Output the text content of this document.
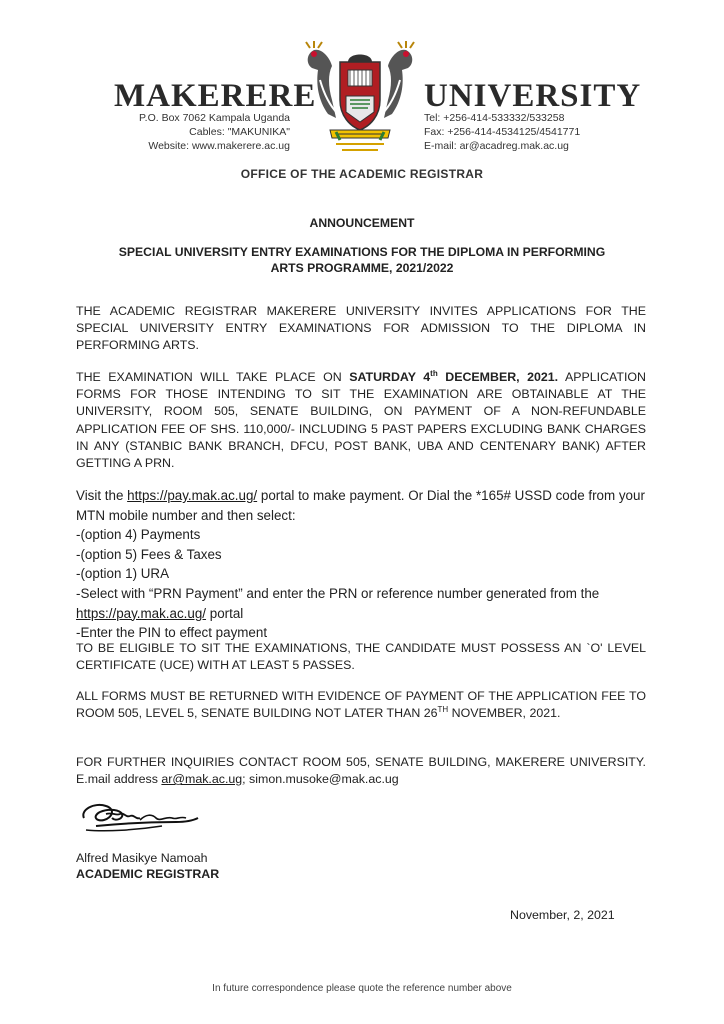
MAKERERE	UNIVERSITY
P.O. Box 7062 Kampala Uganda
Cables: "MAKUNIKA"
Website: www.makerere.ac.ug
Tel: +256-414-533332/533258
Fax: +256-414-4534125/4541771
E-mail: ar@acadreg.mak.ac.ug
OFFICE OF THE ACADEMIC REGISTRAR
ANNOUNCEMENT
SPECIAL UNIVERSITY ENTRY EXAMINATIONS FOR THE DIPLOMA IN PERFORMING
ARTS PROGRAMME, 2021/2022

THE ACADEMIC REGISTRAR MAKERERE UNIVERSITY INVITES APPLICATIONS FOR THE SPECIAL UNIVERSITY ENTRY EXAMINATIONS FOR ADMISSION TO THE DIPLOMA IN PERFORMING ARTS.

THE EXAMINATION WILL TAKE PLACE ON SATURDAY 4th DECEMBER, 2021. APPLICATION FORMS FOR THOSE INTENDING TO SIT THE EXAMINATION ARE OBTAINABLE AT THE UNIVERSITY, ROOM 505, SENATE BUILDING, ON PAYMENT OF A NON-REFUNDABLE APPLICATION FEE OF SHS. 110,000/- INCLUDING 5 PAST PAPERS EXCLUDING BANK CHARGES IN ANY (STANBIC BANK BRANCH, DFCU, POST BANK, UBA AND CENTENARY BANK) AFTER GETTING A PRN.

Visit the https://pay.mak.ac.ug/ portal to make payment. Or Dial the *165# USSD code from your MTN mobile number and then select:

-(option 4) Payments

-(option 5) Fees & Taxes

-(option 1) URA

-Select with “PRN Payment” and enter the PRN or reference number generated from the

https://pay.mak.ac.ug/ portal

-Enter the PIN to effect payment

TO BE ELIGIBLE TO SIT THE EXAMINATIONS, THE CANDIDATE MUST POSSESS AN `O' LEVEL CERTIFICATE (UCE) WITH AT LEAST 5 PASSES.

ALL FORMS MUST BE RETURNED WITH EVIDENCE OF PAYMENT OF THE APPLICATION FEE TO ROOM 505, LEVEL 5, SENATE BUILDING NOT LATER THAN 26TH NOVEMBER, 2021.

FOR FURTHER INQUIRIES CONTACT ROOM 505, SENATE BUILDING, MAKERERE UNIVERSITY. E.mail address ar@mak.ac.ug; simon.musoke@mak.ac.ug

Alfred Masikye Namoah
ACADEMIC REGISTRAR
November, 2, 2021
In future correspondence please quote the reference number above
